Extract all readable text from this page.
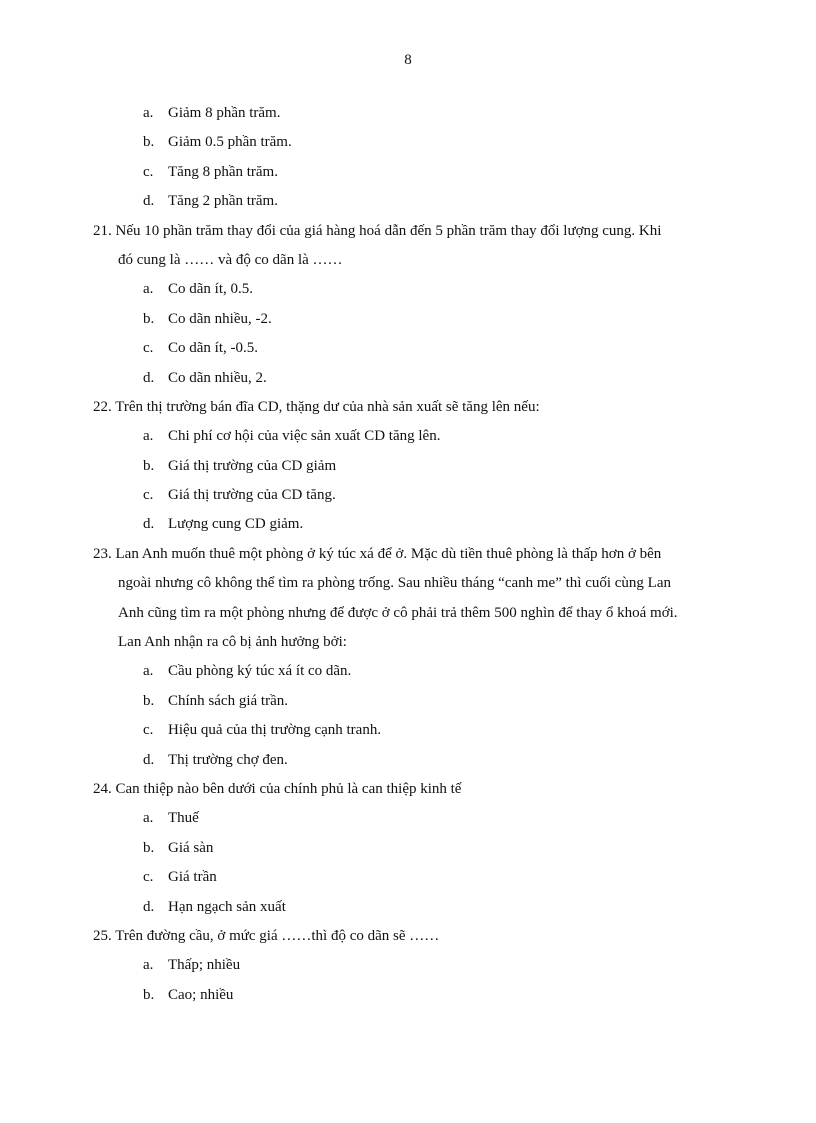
8
a. Giảm 8 phần trăm.
b. Giảm 0.5 phần trăm.
c. Tăng 8 phần trăm.
d. Tăng 2 phần trăm.
21. Nếu 10 phần trăm thay đổi của giá hàng hoá dẫn đến 5 phần trăm thay đổi lượng cung. Khi
đó cung là …… và độ co dãn là ……
a. Co dãn ít, 0.5.
b. Co dãn nhiều, -2.
c. Co dãn ít, -0.5.
d. Co dãn nhiều, 2.
22. Trên thị trường bán đĩa CD, thặng dư của nhà sản xuất sẽ tăng lên nếu:
a. Chi phí cơ hội của việc sản xuất CD tăng lên.
b. Giá thị trường của CD giảm
c. Giá thị trường của CD tăng.
d. Lượng cung CD giảm.
23. Lan Anh muốn thuê một phòng ở ký túc xá để ở. Mặc dù tiền thuê phòng là thấp hơn ở bên
ngoài nhưng cô không thể tìm ra phòng trống. Sau nhiều tháng “canh me” thì cuối cùng Lan
Anh cũng tìm ra một phòng nhưng để được ở cô phải trả thêm 500 nghìn để thay ổ khoá mới.
Lan Anh nhận ra cô bị ảnh hưởng bởi:
a. Cầu phòng ký túc xá ít co dãn.
b. Chính sách giá trần.
c. Hiệu quả của thị trường cạnh tranh.
d. Thị trường chợ đen.
24. Can thiệp nào bên dưới của chính phủ là can thiệp kinh tế
a. Thuế
b. Giá sàn
c. Giá trần
d. Hạn ngạch sản xuất
25. Trên đường cầu, ở mức giá ……thì độ co dãn sẽ ……
a. Thấp; nhiều
b. Cao; nhiều
